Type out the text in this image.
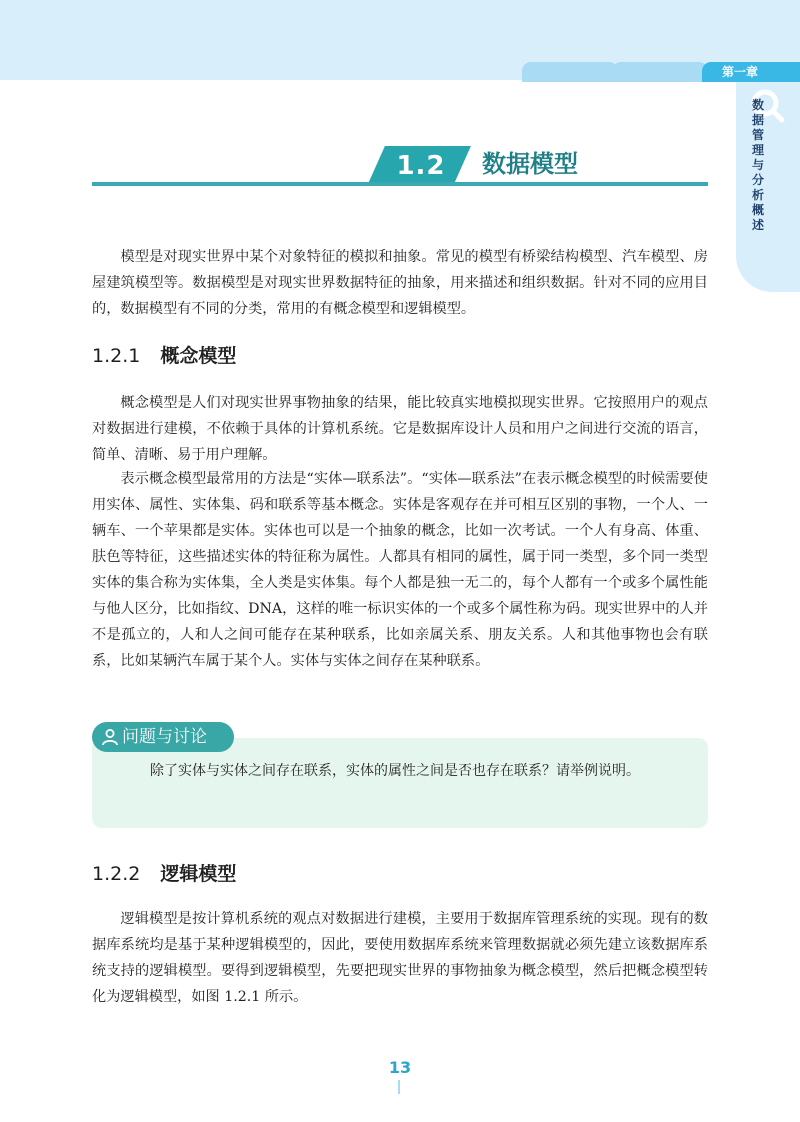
第一章
数据管理与分析概述
1.2 数据模型

模型是对现实世界中某个对象特征的模拟和抽象。常见的模型有桥梁结构模型、汽车模型、房屋建筑模型等。数据模型是对现实世界数据特征的抽象，用来描述和组织数据。针对不同的应用目的，数据模型有不同的分类，常用的有概念模型和逻辑模型。

1.2.1 概念模型

概念模型是人们对现实世界事物抽象的结果，能比较真实地模拟现实世界。它按照用户的观点对数据进行建模，不依赖于具体的计算机系统。它是数据库设计人员和用户之间进行交流的语言，简单、清晰、易于用户理解。

表示概念模型最常用的方法是“实体—联系法”。“实体—联系法”在表示概念模型的时候需要使用实体、属性、实体集、码和联系等基本概念。实体是客观存在并可相互区别的事物，一个人、一辆车、一个苹果都是实体。实体也可以是一个抽象的概念，比如一次考试。一个人有身高、体重、肤色等特征，这些描述实体的特征称为属性。人都具有相同的属性，属于同一类型，多个同一类型实体的集合称为实体集，全人类是实体集。每个人都是独一无二的，每个人都有一个或多个属性能与他人区分，比如指纹、DNA，这样的唯一标识实体的一个或多个属性称为码。现实世界中的人并不是孤立的，人和人之间可能存在某种联系，比如亲属关系、朋友关系。人和其他事物也会有联系，比如某辆汽车属于某个人。实体与实体之间存在某种联系。

除了实体与实体之间存在联系，实体的属性之间是否也存在联系？请举例说明。

问题与讨论
1.2.2 逻辑模型

逻辑模型是按计算机系统的观点对数据进行建模，主要用于数据库管理系统的实现。现有的数据库系统均是基于某种逻辑模型的，因此，要使用数据库系统来管理数据就必须先建立该数据库系统支持的逻辑模型。要得到逻辑模型，先要把现实世界的事物抽象为概念模型，然后把概念模型转化为逻辑模型，如图 1.2.1 所示。

13
